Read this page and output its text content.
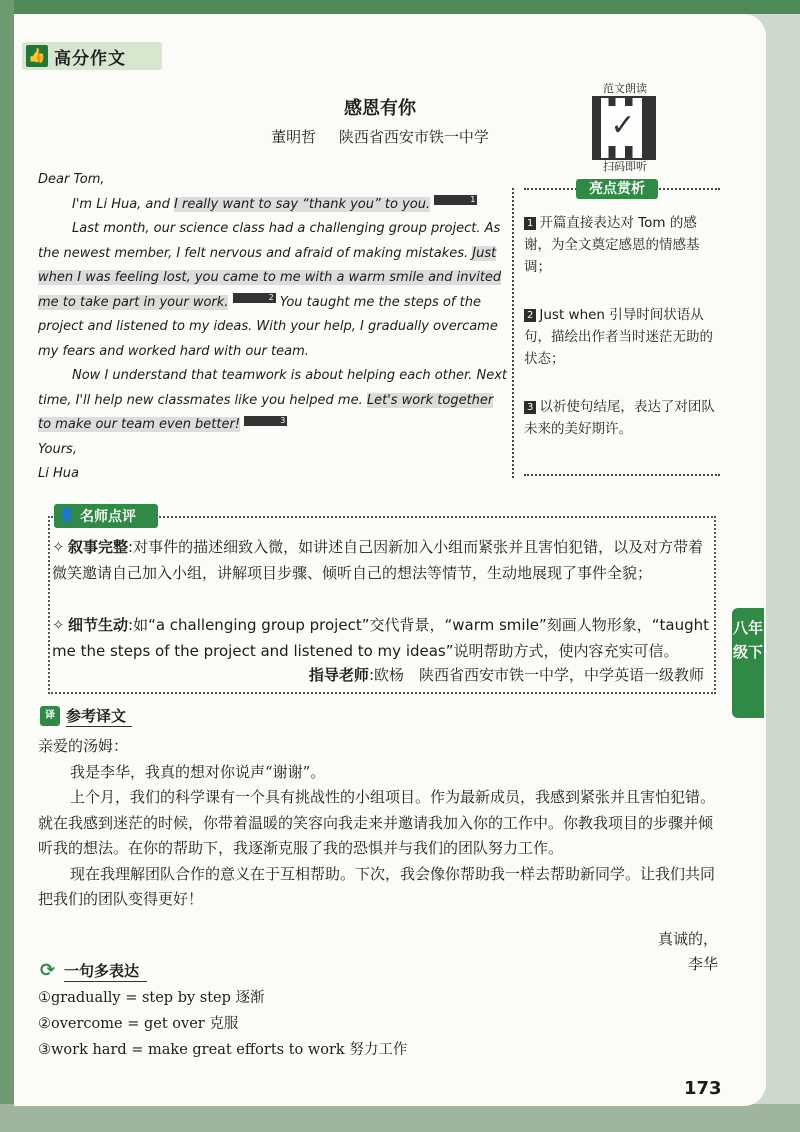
👍 高分作文
感恩有你
董明哲 陕西省西安市铁一中学
范文朗读
✓
扫码即听

Dear Tom,

I'm Li Hua, and I really want to say “thank you” to you.	1

Last month, our science class had a challenging group project. As the newest member, I felt nervous and afraid of making mistakes. Just when I was feeling lost, you came to me with a warm smile and invited me to take part in your work.	2 You taught me the steps of the project and listened to my ideas. With your help, I gradually overcame my fears and worked hard with our team.

Now I understand that teamwork is about helping each other. Next time, I'll help new classmates like you helped me. Let's work together to make our team even better!	3

Yours,

Li Hua

亮点赏析
1 开篇直接表达对 Tom 的感谢，为全文奠定感恩的情感基调；
2 Just when 引导时间状语从句，描绘出作者当时迷茫无助的状态；
3 以祈使句结尾，表达了对团队未来的美好期许。
👤 名师点评
✧ 叙事完整:对事件的描述细致入微，如讲述自己因新加入小组而紧张并且害怕犯错，以及对方带着微笑邀请自己加入小组，讲解项目步骤、倾听自己的想法等情节，生动地展现了事件全貌；
✧ 细节生动:如“a challenging group project”交代背景，“warm smile”刻画人物形象，“taught me the steps of the project and listened to my ideas”说明帮助方式，使内容充实可信。
指导老师:欧杨　陕西省西安市铁一中学，中学英语一级教师
八年级下
译 参考译文

亲爱的汤姆：

我是李华，我真的想对你说声“谢谢”。

上个月，我们的科学课有一个具有挑战性的小组项目。作为最新成员，我感到紧张并且害怕犯错。就在我感到迷茫的时候，你带着温暖的笑容向我走来并邀请我加入你的工作中。你教我项目的步骤并倾听我的想法。在你的帮助下，我逐渐克服了我的恐惧并与我们的团队努力工作。

现在我理解团队合作的意义在于互相帮助。下次，我会像你帮助我一样去帮助新同学。让我们共同把我们的团队变得更好！

真诚的，

李华

⟳ 一句多表达
①gradually = step by step 逐渐
②overcome = get over 克服
③work hard = make great efforts to work 努力工作
173
